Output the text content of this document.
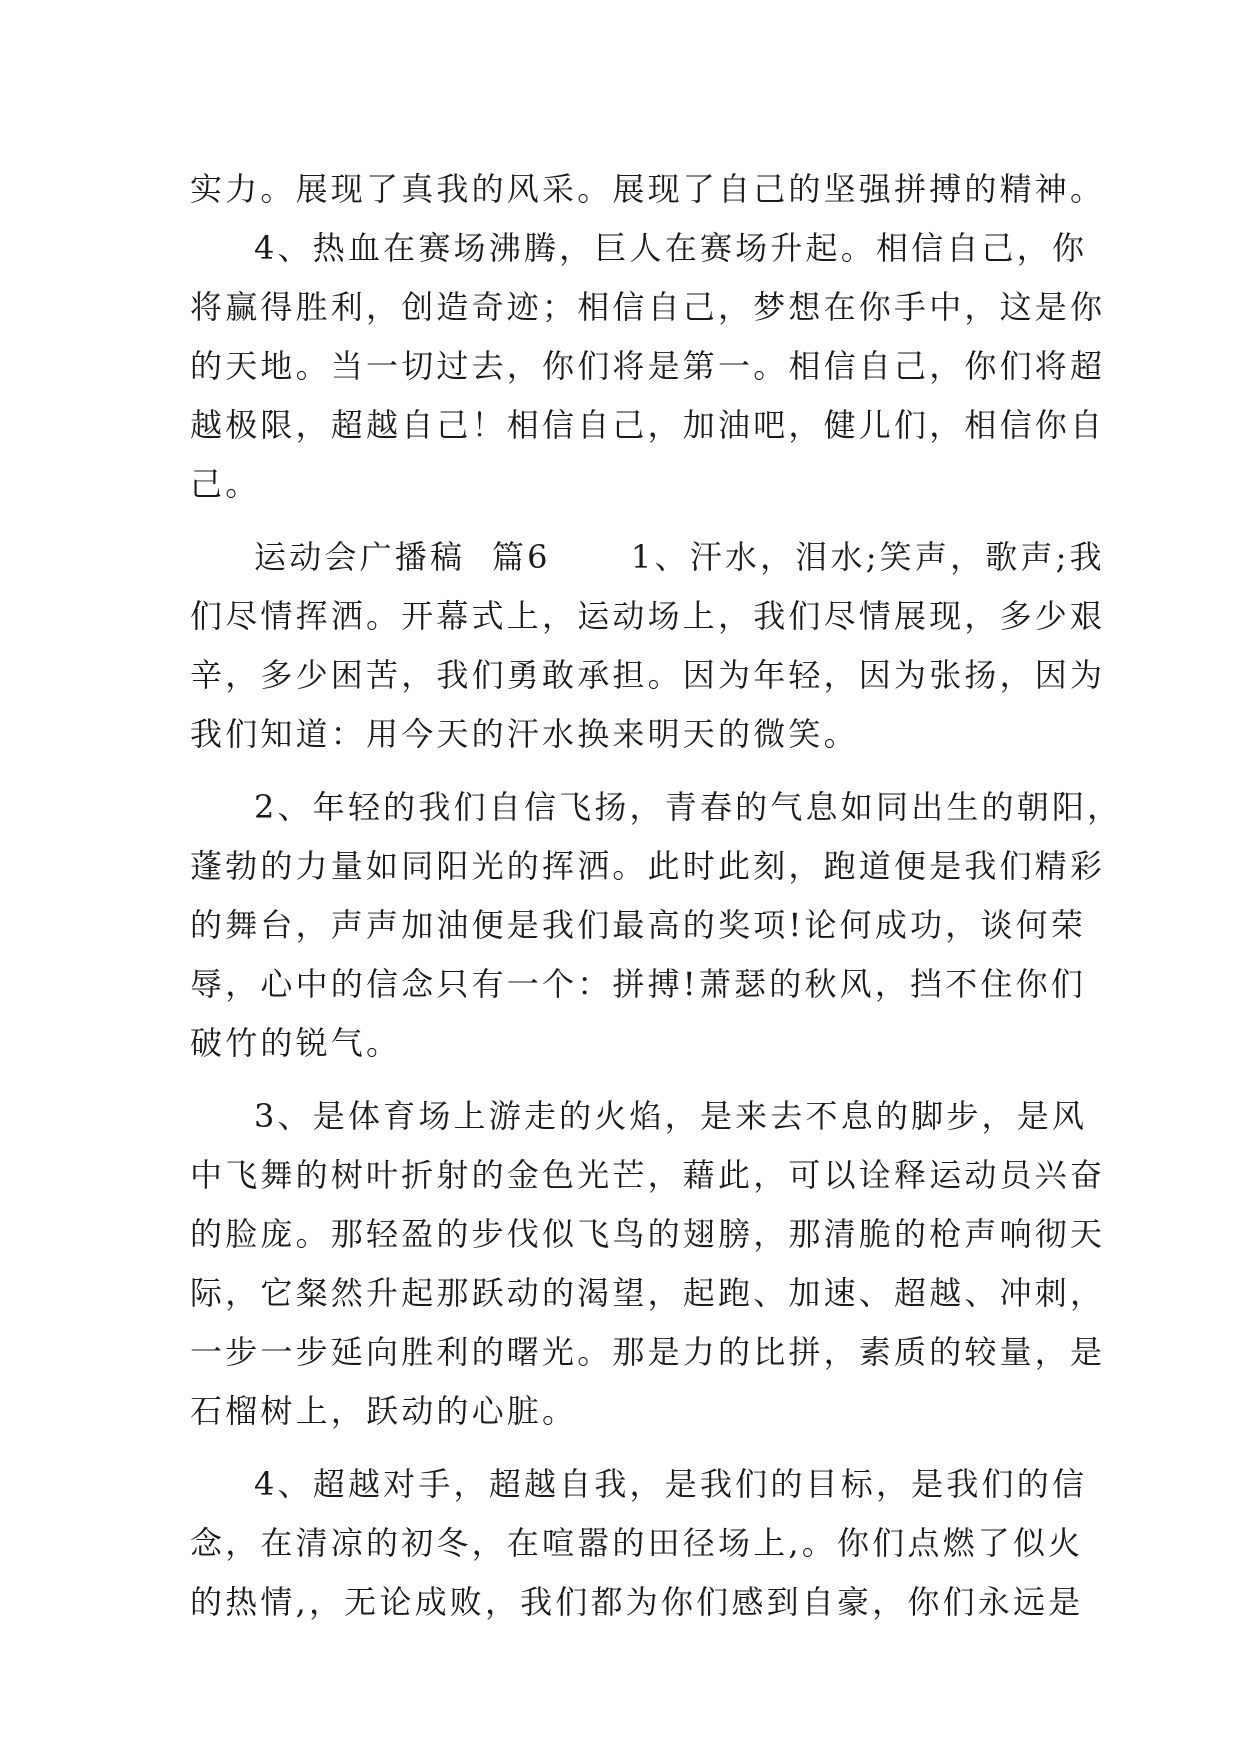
实力。展现了真我的风采。展现了自己的坚强拼搏的精神。
4、热血在赛场沸腾，巨人在赛场升起。相信自己，你
将赢得胜利，创造奇迹；相信自己，梦想在你手中，这是你
的天地。当一切过去，你们将是第一。相信自己，你们将超
越极限，超越自己！相信自己，加油吧，健儿们，相信你自
己。
运动会广播稿  篇6      1、汗水，泪水;笑声，歌声;我
们尽情挥洒。开幕式上，运动场上，我们尽情展现，多少艰
辛，多少困苦，我们勇敢承担。因为年轻，因为张扬，因为
我们知道：用今天的汗水换来明天的微笑。
2、年轻的我们自信飞扬，青春的气息如同出生的朝阳，
蓬勃的力量如同阳光的挥洒。此时此刻，跑道便是我们精彩
的舞台，声声加油便是我们最高的奖项!论何成功，谈何荣
辱，心中的信念只有一个：拼搏!萧瑟的秋风，挡不住你们
破竹的锐气。
3、是体育场上游走的火焰，是来去不息的脚步，是风
中飞舞的树叶折射的金色光芒，藉此，可以诠释运动员兴奋
的脸庞。那轻盈的步伐似飞鸟的翅膀，那清脆的枪声响彻天
际，它粲然升起那跃动的渴望，起跑、加速、超越、冲刺，
一步一步延向胜利的曙光。那是力的比拼，素质的较量，是
石榴树上，跃动的心脏。
4、超越对手，超越自我，是我们的目标，是我们的信
念，在清凉的初冬，在喧嚣的田径场上,。你们点燃了似火
的热情,，无论成败，我们都为你们感到自豪，你们永远是
